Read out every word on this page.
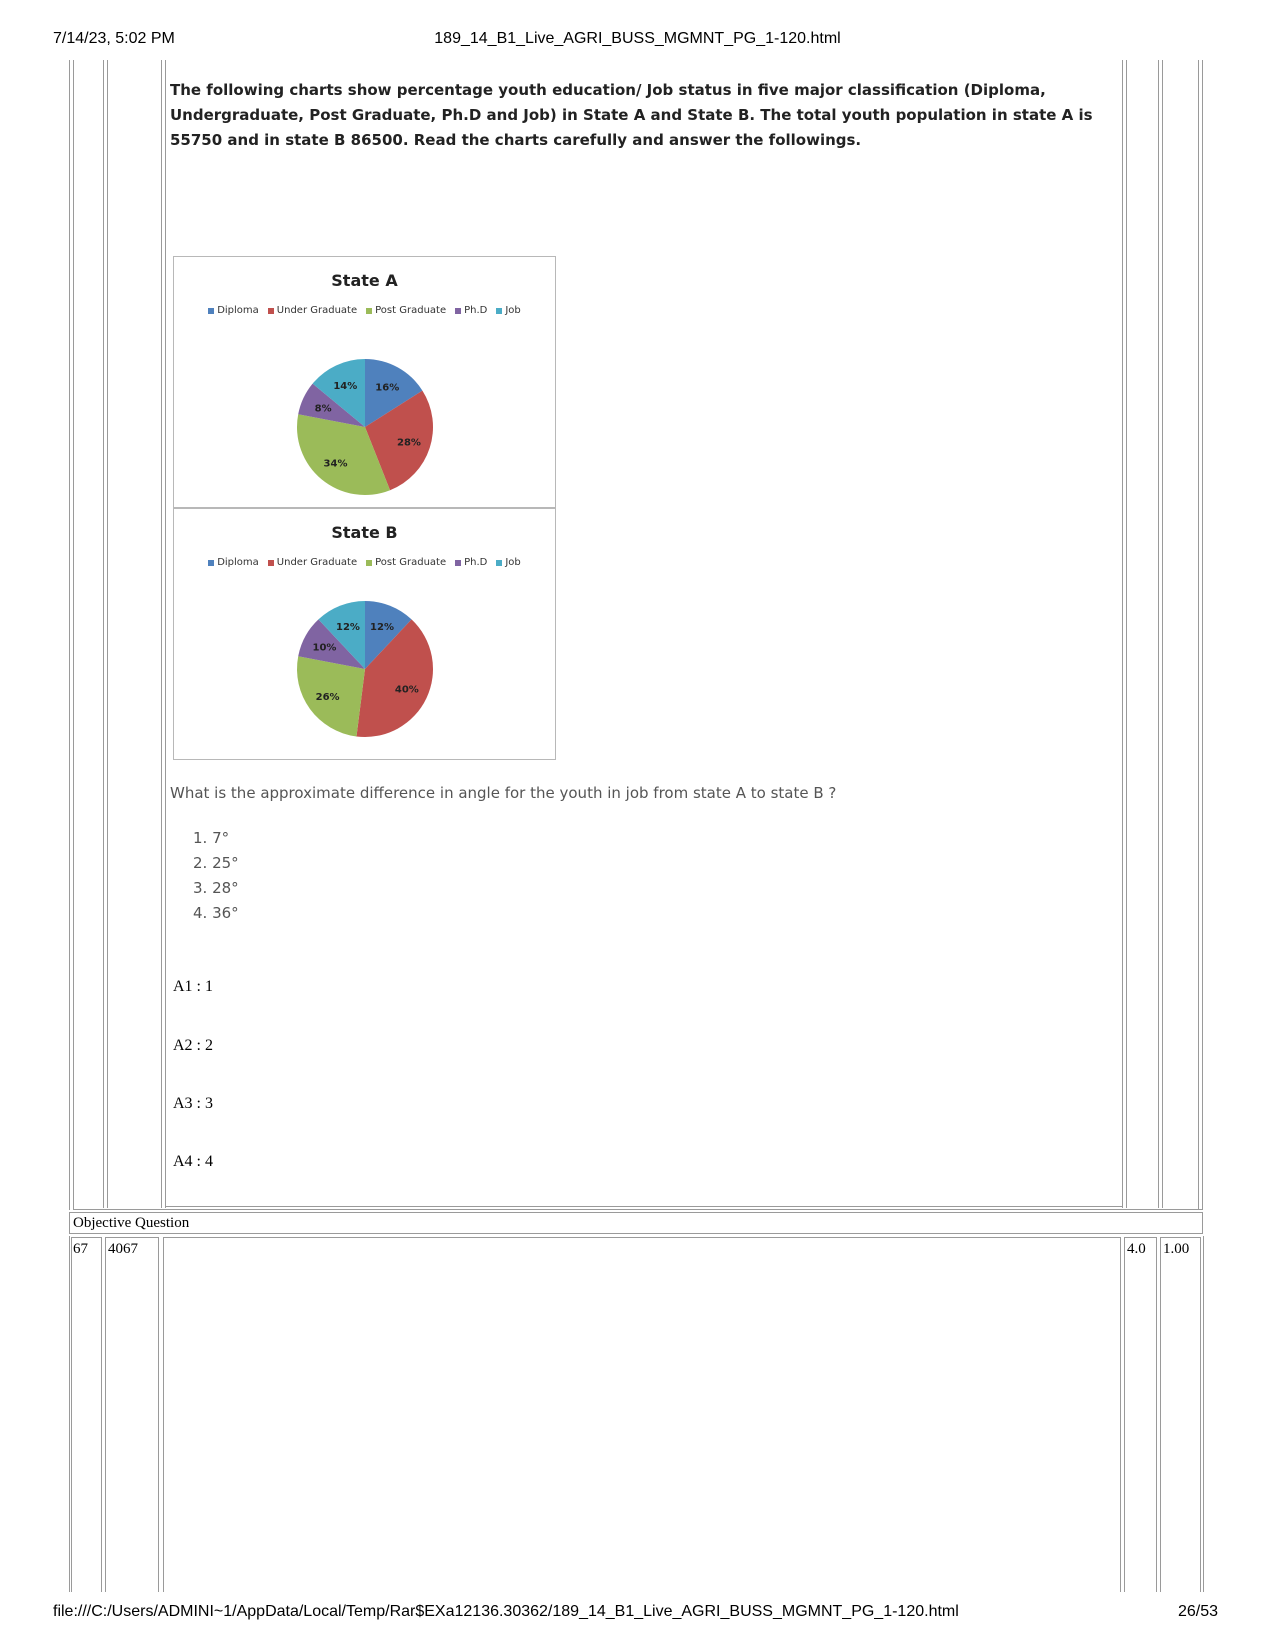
7/14/23, 5:02 PM	189_14_B1_Live_AGRI_BUSS_MGMNT_PG_1-120.html
The following charts show percentage youth education/ Job status in five major classification (Diploma, Undergraduate, Post Graduate, Ph.D and Job) in State A and State B. The total youth population in state A is 55750 and in state B 86500. Read the charts carefully and answer the followings.
State A
Diploma Under Graduate Post Graduate Ph.D Job
16%
28%
34%
8%
14%
State B
Diploma Under Graduate Post Graduate Ph.D Job
12%
40%
26%
10%
12%
What is the approximate difference in angle for the youth in job from state A to state B ?
1. 7°
2. 25°
3. 28°
4. 36°
A1 : 1
A2 : 2
A3 : 3
A4 : 4
Objective Question
67 4067	4.0 1.00
file:///C:/Users/ADMINI~1/AppData/Local/Temp/Rar$EXa12136.30362/189_14_B1_Live_AGRI_BUSS_MGMNT_PG_1-120.html	26/53
